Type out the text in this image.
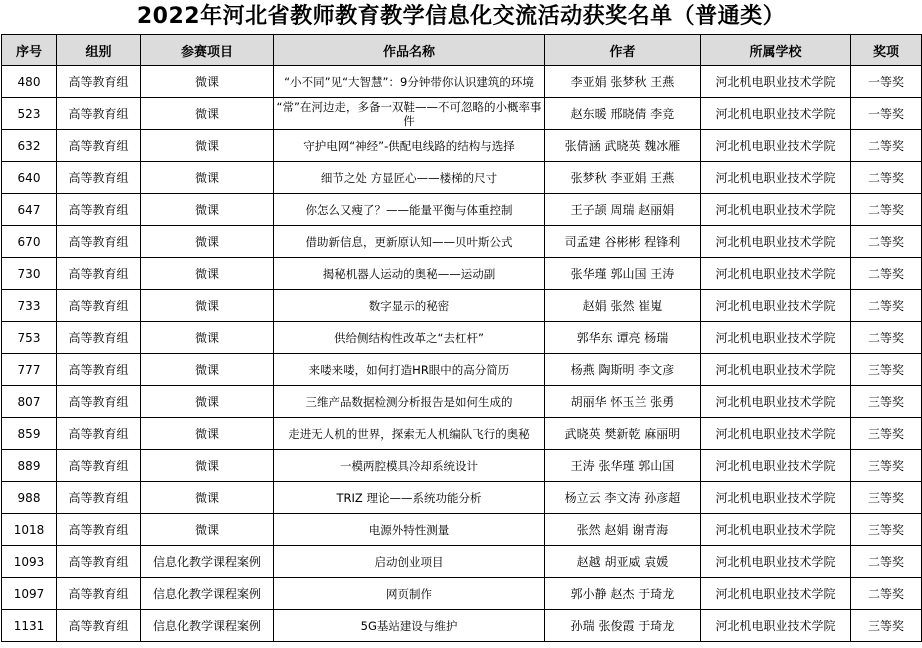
2022年河北省教师教育教学信息化交流活动获奖名单（普通类）
序号	组别	参赛项目	作品名称	作者	所属学校	奖项
480	高等教育组	微课	“小不同”见“大智慧”：9分钟带你认识建筑的环境	李亚娟 张梦秋 王燕	河北机电职业技术学院	一等奖
523	高等教育组	微课	“常”在河边走，多备一双鞋——不可忽略的小概率事件	赵东暖 邢晓倩 李竞	河北机电职业技术学院	一等奖
632	高等教育组	微课	守护电网“神经”-供配电线路的结构与选择	张倩涵 武晓英 魏冰雁	河北机电职业技术学院	二等奖
640	高等教育组	微课	细节之处 方显匠心——楼梯的尺寸	张梦秋 李亚娟 王燕	河北机电职业技术学院	二等奖
647	高等教育组	微课	你怎么又瘦了？——能量平衡与体重控制	王子颉 周瑞 赵丽娟	河北机电职业技术学院	二等奖
670	高等教育组	微课	借助新信息，更新原认知——贝叶斯公式	司孟建 谷彬彬 程锋利	河北机电职业技术学院	二等奖
730	高等教育组	微课	揭秘机器人运动的奥秘——运动副	张华瑾 郭山国 王涛	河北机电职业技术学院	二等奖
733	高等教育组	微课	数字显示的秘密	赵娟 张然 崔嵬	河北机电职业技术学院	二等奖
753	高等教育组	微课	供给侧结构性改革之“去杠杆”	郭华东 谭亮 杨瑞	河北机电职业技术学院	二等奖
777	高等教育组	微课	来喽来喽，如何打造HR眼中的高分简历	杨燕 陶斯明 李文彦	河北机电职业技术学院	三等奖
807	高等教育组	微课	三维产品数据检测分析报告是如何生成的	胡丽华 怀玉兰 张勇	河北机电职业技术学院	三等奖
859	高等教育组	微课	走进无人机的世界，探索无人机编队飞行的奥秘	武晓英 樊新乾 麻丽明	河北机电职业技术学院	三等奖
889	高等教育组	微课	一模两腔模具冷却系统设计	王涛 张华瑾 郭山国	河北机电职业技术学院	三等奖
988	高等教育组	微课	TRIZ 理论——系统功能分析	杨立云 李文涛 孙彦超	河北机电职业技术学院	三等奖
1018	高等教育组	微课	电源外特性测量	张然 赵娟 谢青海	河北机电职业技术学院	三等奖
1093	高等教育组	信息化教学课程案例	启动创业项目	赵越 胡亚威 袁媛	河北机电职业技术学院	二等奖
1097	高等教育组	信息化教学课程案例	网页制作	郭小静 赵杰 于琦龙	河北机电职业技术学院	二等奖
1131	高等教育组	信息化教学课程案例	5G基站建设与维护	孙瑞 张俊霞 于琦龙	河北机电职业技术学院	三等奖
